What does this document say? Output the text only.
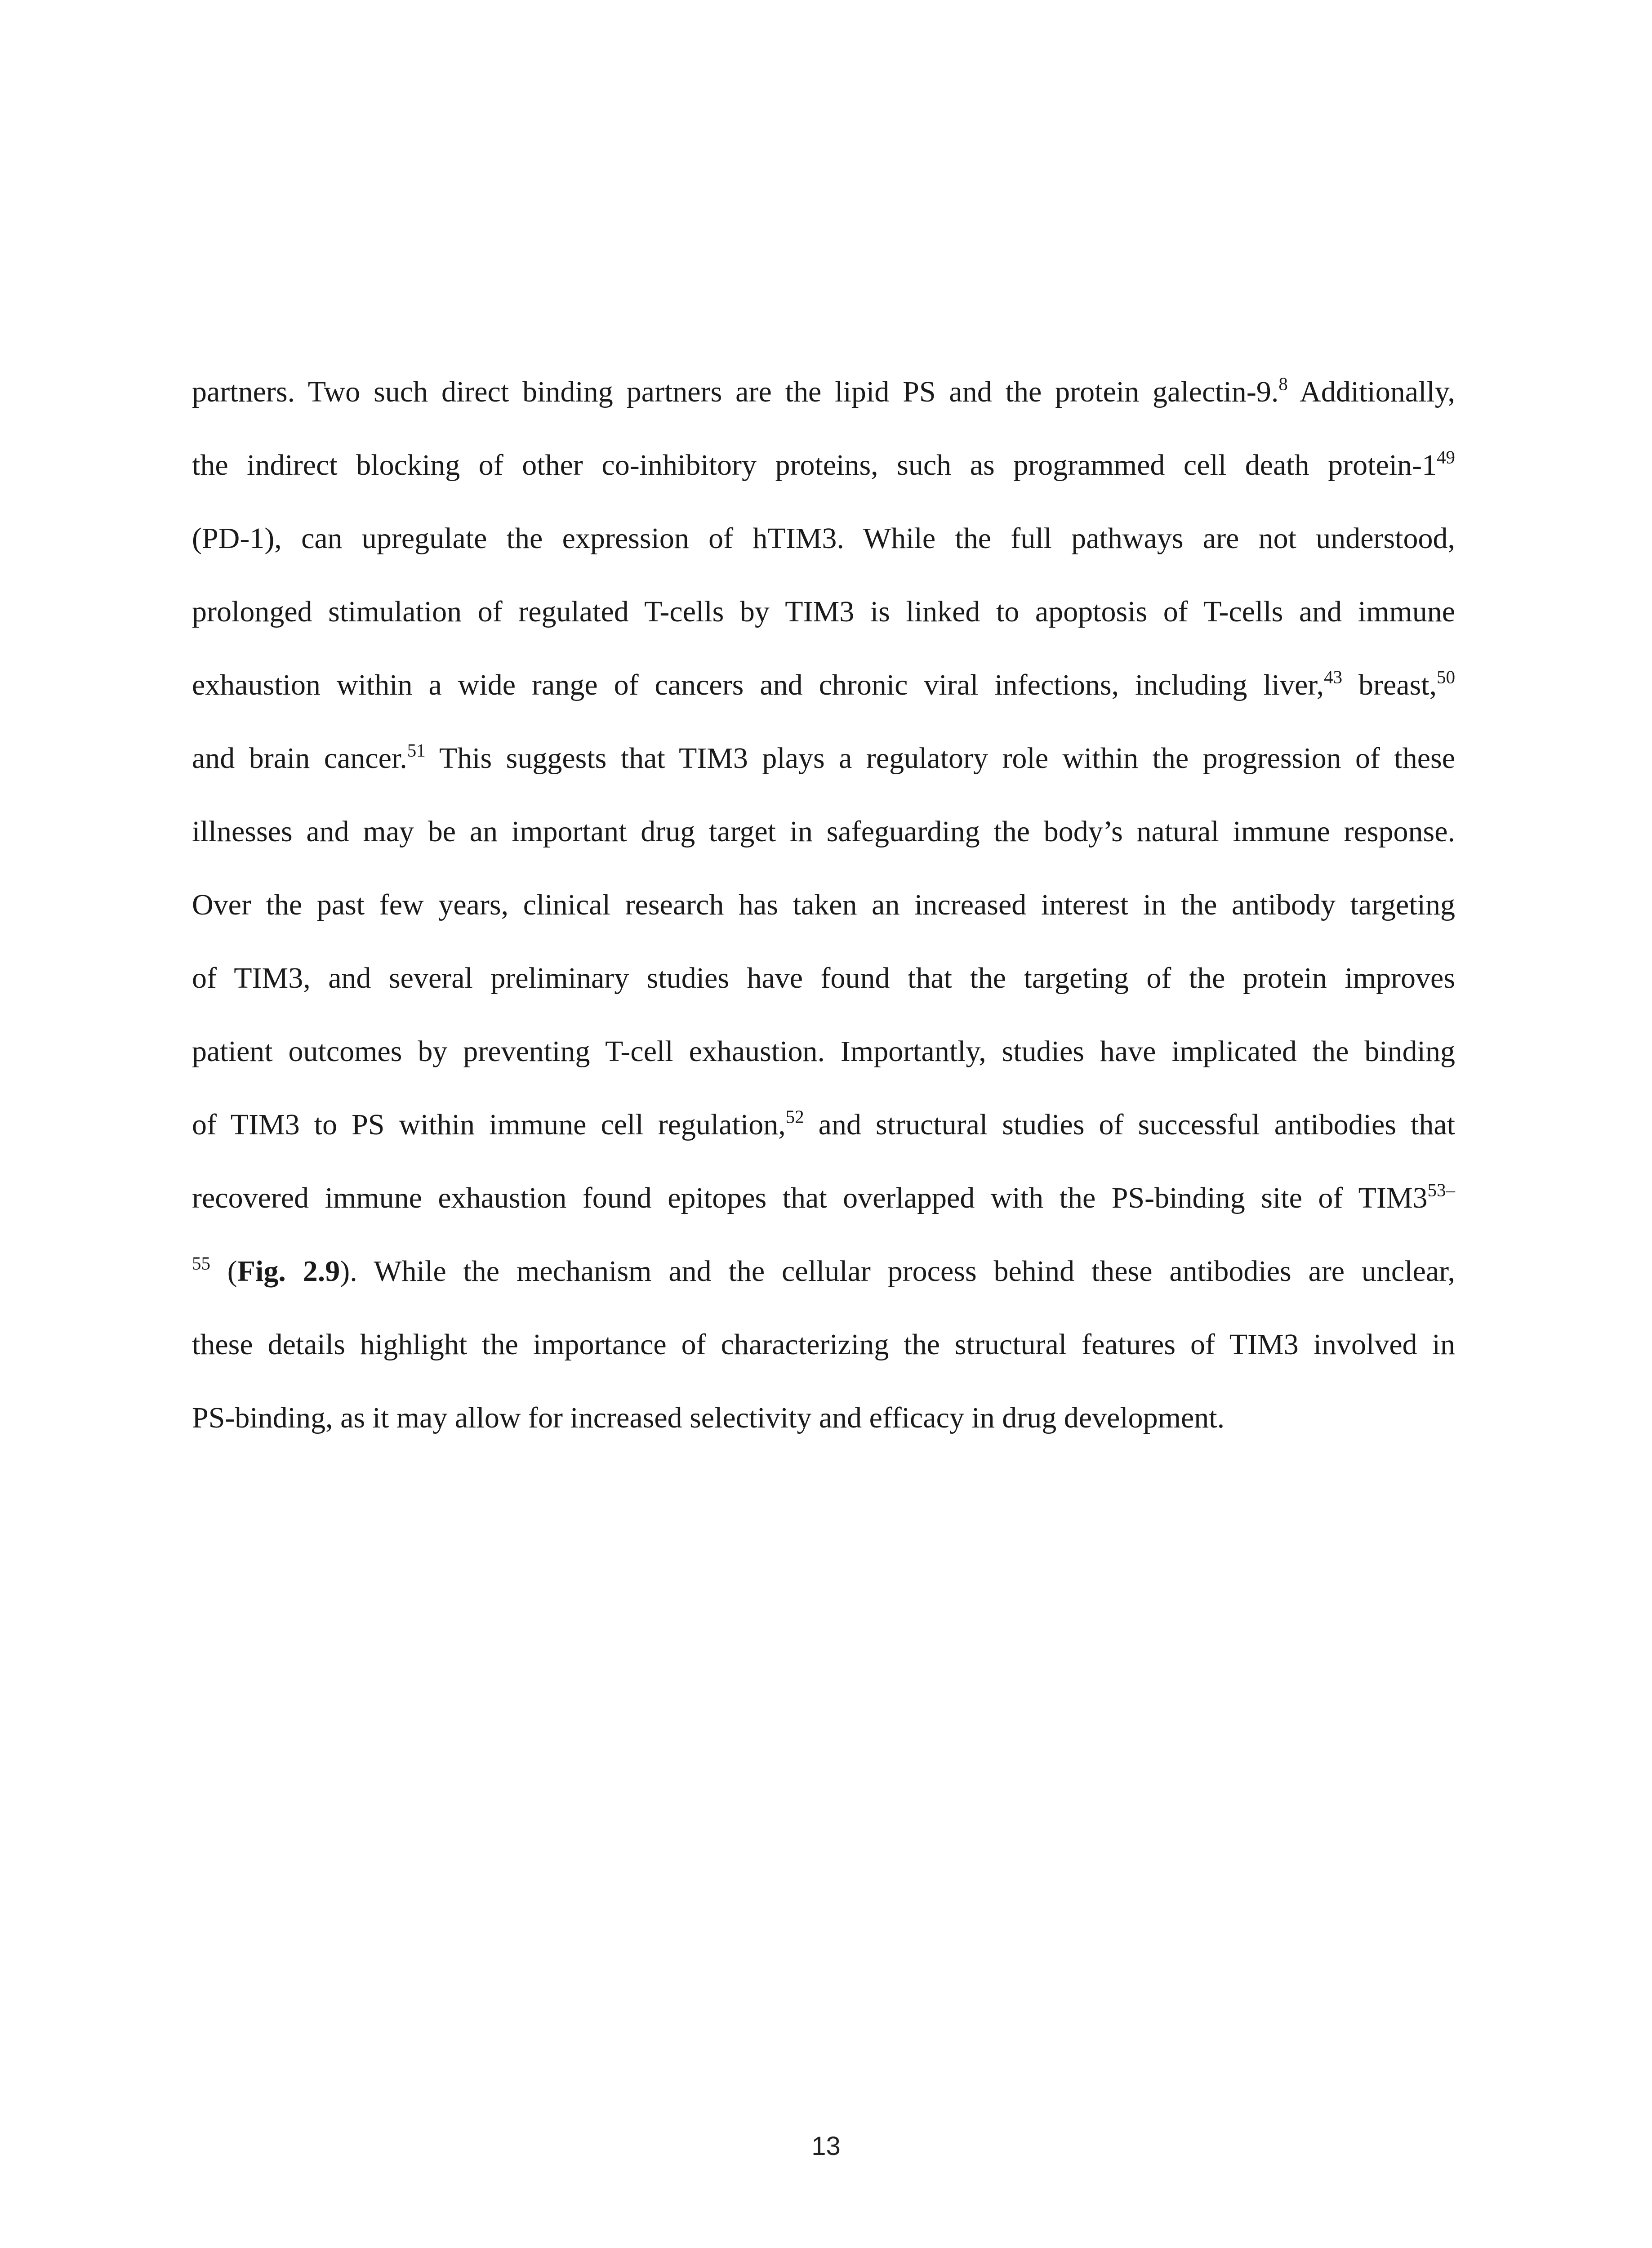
partners. Two such direct binding partners are the lipid PS and the protein galectin-9.$^8$ Additionally,
the indirect blocking of other co-inhibitory proteins, such as programmed cell death protein-$1^{49}$
(PD-1), can upregulate the expression of hTIM3. While the full pathways are not understood,
prolonged stimulation of regulated T-cells by TIM3 is linked to apoptosis of T-cells and immune
exhaustion within a wide range of cancers and chronic viral infections, including liver,$^{43}$ breast,$^{50}$
and brain cancer.$^{51}$ This suggests that TIM3 plays a regulatory role within the progression of these
illnesses and may be an important drug target in safeguarding the body’s natural immune response.
Over the past few years, clinical research has taken an increased interest in the antibody targeting
of TIM3, and several preliminary studies have found that the targeting of the protein improves
patient outcomes by preventing T-cell exhaustion. Importantly, studies have implicated the binding
of TIM3 to PS within immune cell regulation,$^{52}$ and structural studies of successful antibodies that
recovered immune exhaustion found epitopes that overlapped with the PS-binding site of $TIM3^{53-}$
$^{55}$ (Fig. 2.9). While the mechanism and the cellular process behind these antibodies are unclear,
these details highlight the importance of characterizing the structural features of TIM3 involved in
PS-binding, as it may allow for increased selectivity and efficacy in drug development.
13
